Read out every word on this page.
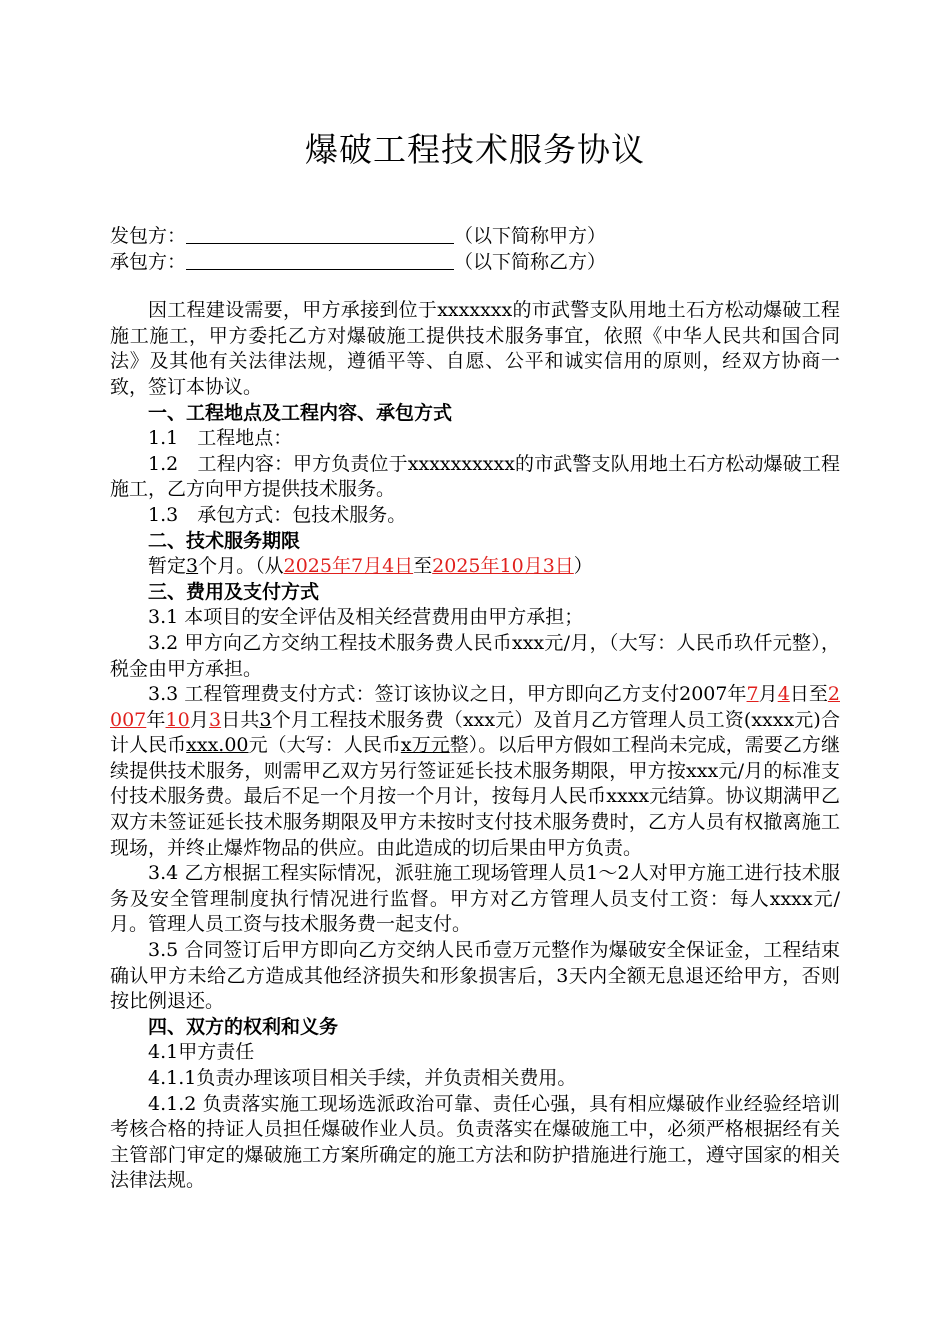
爆破工程技术服务协议
发包方：	（以下简称甲方）
承包方：	（以下简称乙方）
因工程建设需要，甲方承接到位于xxxxxxx的市武警支队用地土石方松动爆破工程施工施工，甲方委托乙方对爆破施工提供技术服务事宜，依照《中华人民共和国合同法》及其他有关法律法规，遵循平等、自愿、公平和诚实信用的原则，经双方协商一致，签订本协议。
一、工程地点及工程内容、承包方式
1.1　工程地点：
1.2　工程内容：甲方负责位于xxxxxxxxxx的市武警支队用地土石方松动爆破工程施工，乙方向甲方提供技术服务。
1.3　承包方式：包技术服务。
二、技术服务期限
暂定3个月。（从2025年7月4日至2025年10月3日）
三、费用及支付方式
3.1 本项目的安全评估及相关经营费用由甲方承担；
3.2 甲方向乙方交纳工程技术服务费人民币xxx元/月，（大写：人民币玖仟元整），税金由甲方承担。
3.3 工程管理费支付方式：签订该协议之日，甲方即向乙方支付2007年7月4日至2007年10月3日共3个月工程技术服务费（xxx元）及首月乙方管理人员工资(xxxx元)合计人民币xxx.00元（大写：人民币x万元整）。以后甲方假如工程尚未完成，需要乙方继续提供技术服务，则需甲乙双方另行签证延长技术服务期限，甲方按xxx元/月的标准支付技术服务费。最后不足一个月按一个月计，按每月人民币xxxx元结算。协议期满甲乙双方未签证延长技术服务期限及甲方未按时支付技术服务费时，乙方人员有权撤离施工现场，并终止爆炸物品的供应。由此造成的切后果由甲方负责。
3.4 乙方根据工程实际情况，派驻施工现场管理人员1～2人对甲方施工进行技术服务及安全管理制度执行情况进行监督。甲方对乙方管理人员支付工资：每人xxxx元/月。管理人员工资与技术服务费一起支付。
3.5 合同签订后甲方即向乙方交纳人民币壹万元整作为爆破安全保证金，工程结束确认甲方未给乙方造成其他经济损失和形象损害后，3天内全额无息退还给甲方，否则按比例退还。
四、双方的权利和义务
4.1甲方责任
4.1.1负责办理该项目相关手续，并负责相关费用。
4.1.2 负责落实施工现场选派政治可靠、责任心强，具有相应爆破作业经验经培训考核合格的持证人员担任爆破作业人员。负责落实在爆破施工中，必须严格根据经有关主管部门审定的爆破施工方案所确定的施工方法和防护措施进行施工，遵守国家的相关法律法规。
